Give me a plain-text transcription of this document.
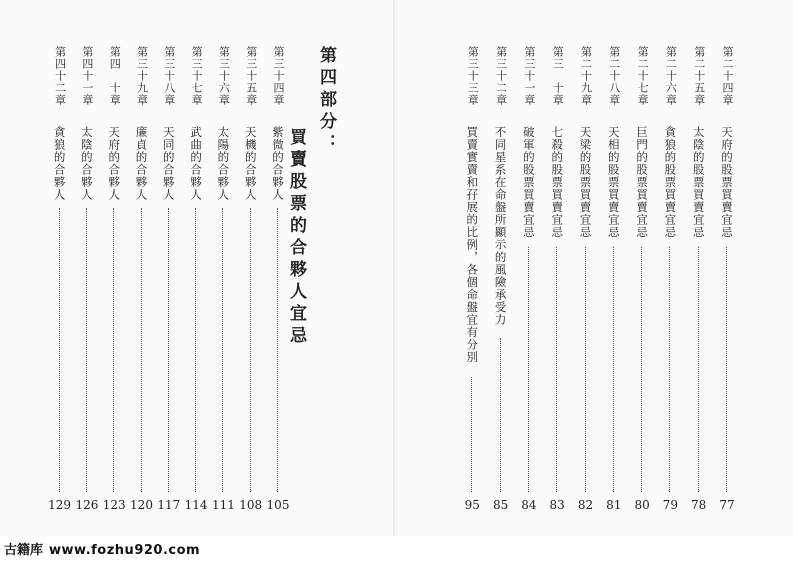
第四部分：
買賣股票的合夥人宜忌
第三十四章
紫微的合夥人
105
第三十五章
天機的合夥人
108
第三十六章
太陽的合夥人
111
第三十七章
武曲的合夥人
114
第三十八章
天同的合夥人
117
第三十九章
廉貞的合夥人
120
第四　十章
天府的合夥人
123
第四十一章
太陰的合夥人
126
第四十二章
貪狼的合夥人
129
第二十四章
天府的股票買賣宜忌
77
第二十五章
太陰的股票買賣宜忌
78
第二十六章
貪狼的股票買賣宜忌
79
第二十七章
巨門的股票買賣宜忌
80
第二十八章
天相的股票買賣宜忌
81
第二十九章
天梁的股票買賣宜忌
82
第三　十章
七殺的股票買賣宜忌
83
第三十一章
破軍的股票買賣宜忌
84
第三十二章
不同星系在命盤所顯示的風險承受力
85
第三十三章
買賣實賣和孖展的比例，各個命盤宜有分別
95
古籍库 www.fozhu920.com
